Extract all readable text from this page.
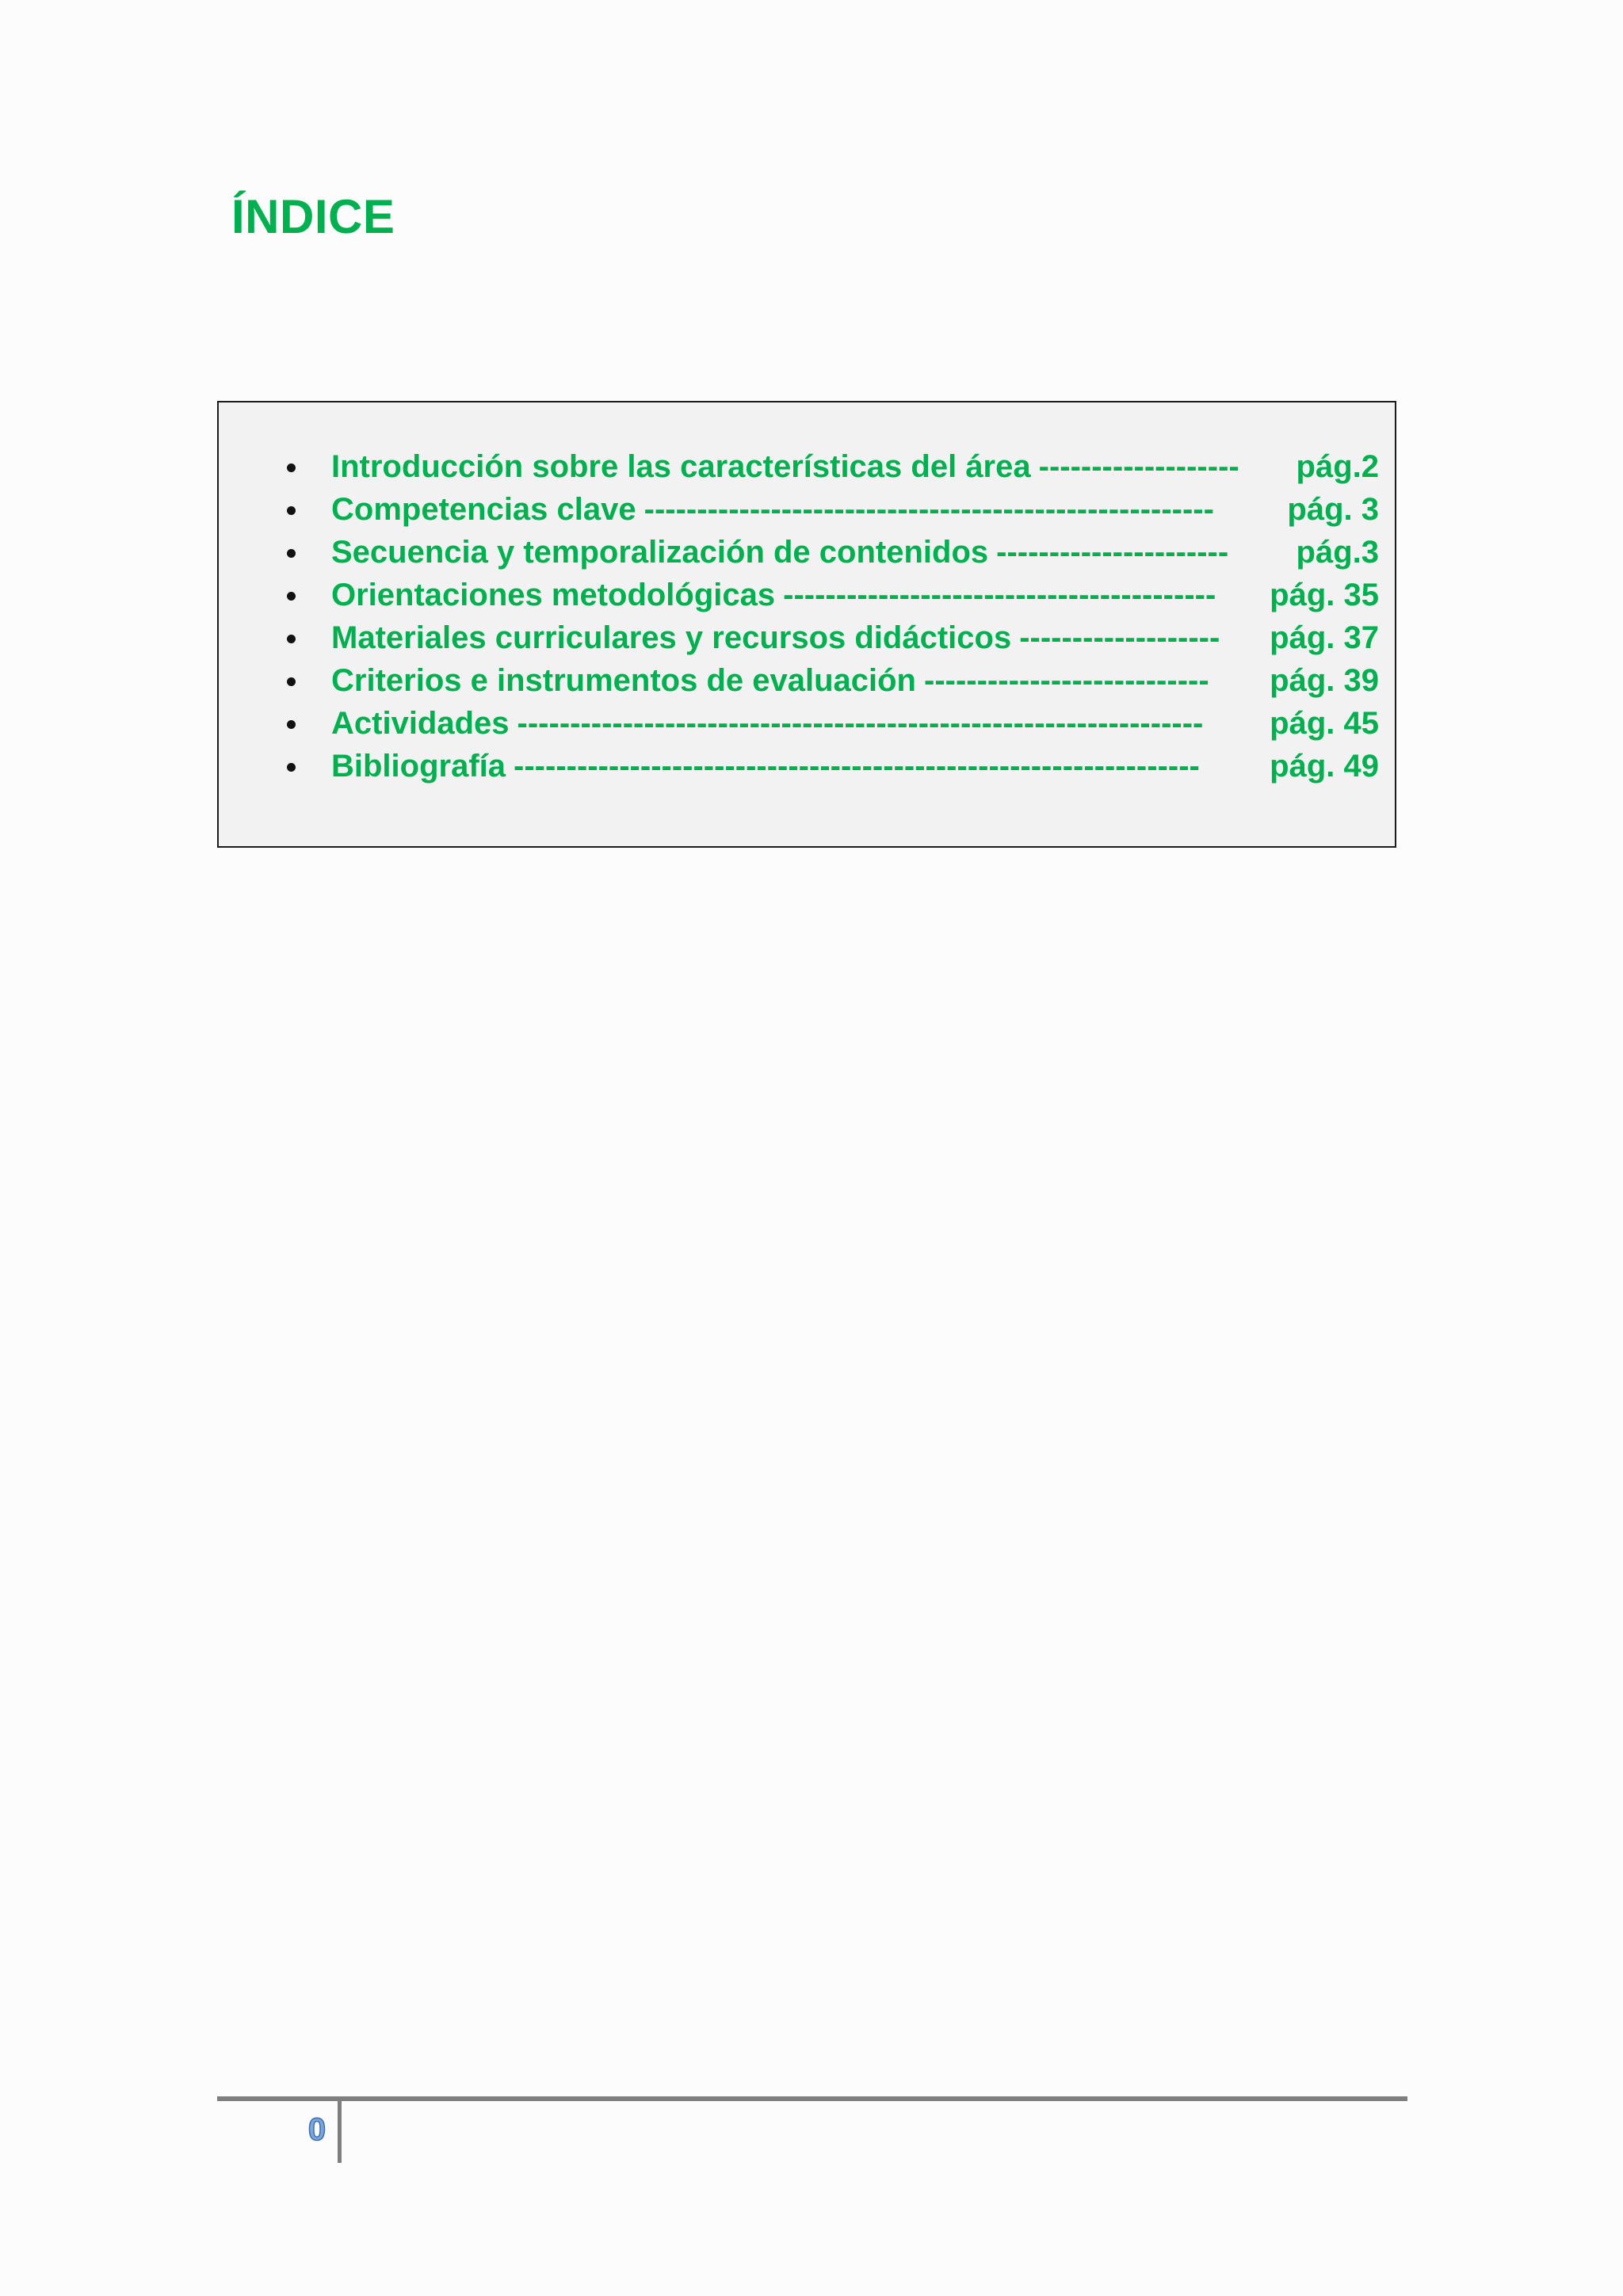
ÍNDICE
Introducción sobre las características del área -------------------	pág.2
Competencias clave ------------------------------------------------------	pág. 3
Secuencia y temporalización de contenidos ----------------------	pág.3
Orientaciones metodológicas -----------------------------------------	pág. 35
Materiales curriculares y recursos didácticos -------------------	pág. 37
Criterios e instrumentos de evaluación ---------------------------	pág. 39
Actividades -----------------------------------------------------------------	pág. 45
Bibliografía -----------------------------------------------------------------	pág. 49
0
